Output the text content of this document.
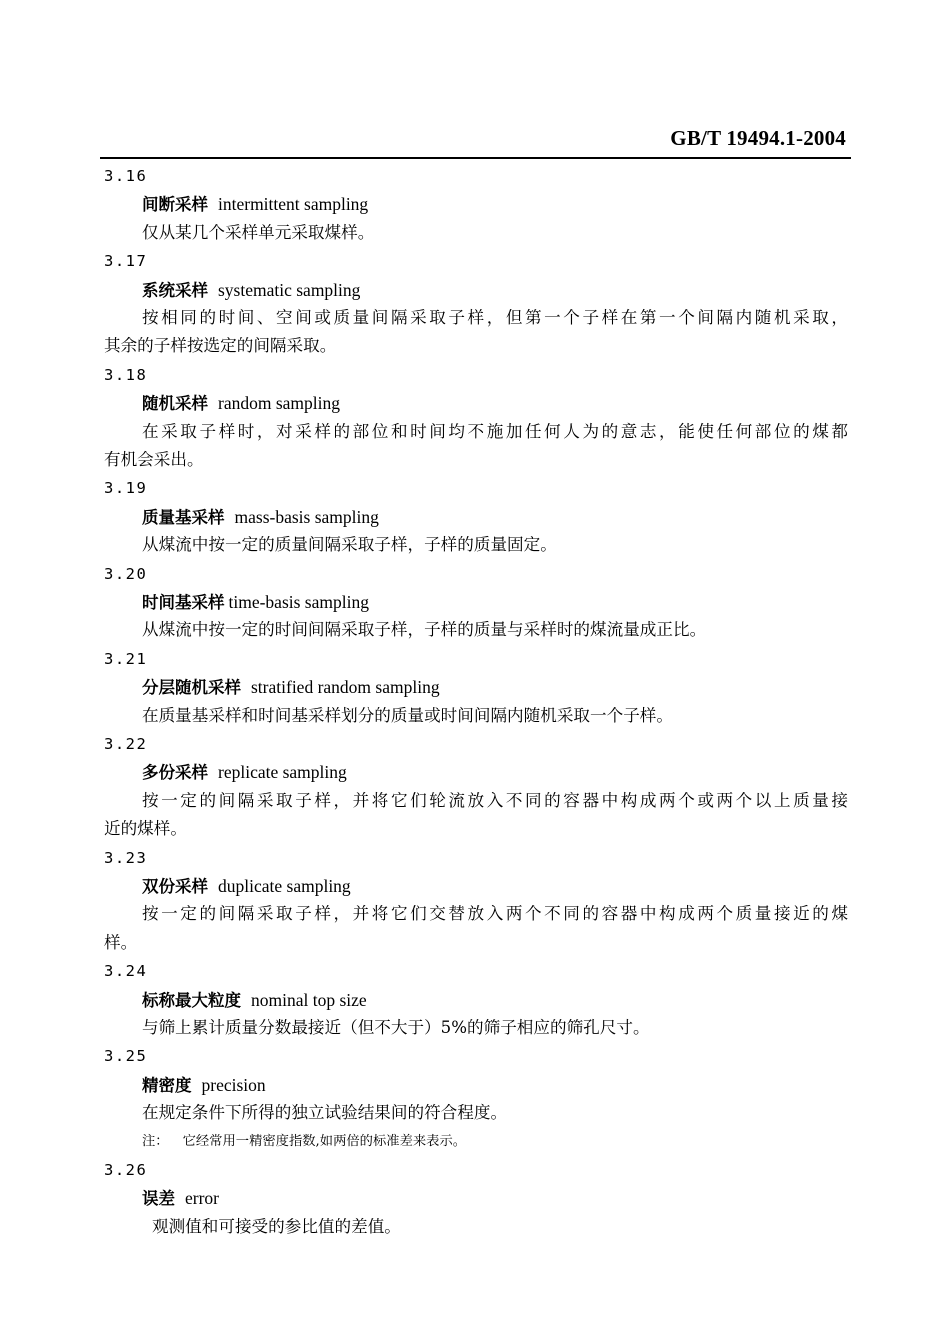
GB/T 19494.1-2004
3.16
间断采样 intermittent sampling

仅从某几个采样单元采取煤样。

3.17
系统采样 systematic sampling
按相同的时间、空间或质量间隔采取子样，但第一个子样在第一个间隔内随机采取，
其余的子样按选定的间隔采取。
3.18
随机采样 random sampling
在采取子样时，对采样的部位和时间均不施加任何人为的意志，能使任何部位的煤都
有机会采出。
3.19
质量基采样 mass-basis sampling

从煤流中按一定的质量间隔采取子样，子样的质量固定。

3.20
时间基采样 time-basis sampling

从煤流中按一定的时间间隔采取子样，子样的质量与采样时的煤流量成正比。

3.21
分层随机采样 stratified random sampling

在质量基采样和时间基采样划分的质量或时间间隔内随机采取一个子样。

3.22
多份采样 replicate sampling
按一定的间隔采取子样，并将它们轮流放入不同的容器中构成两个或两个以上质量接
近的煤样。
3.23
双份采样 duplicate sampling
按一定的间隔采取子样，并将它们交替放入两个不同的容器中构成两个质量接近的煤
样。
3.24
标称最大粒度 nominal top size

与筛上累计质量分数最接近（但不大于）5%的筛子相应的筛孔尺寸。

3.25
精密度 precision

在规定条件下所得的独立试验结果间的符合程度。

注： 它经常用一精密度指数,如两倍的标准差来表示。
3.26
误差 error

观测值和可接受的参比值的差值。
